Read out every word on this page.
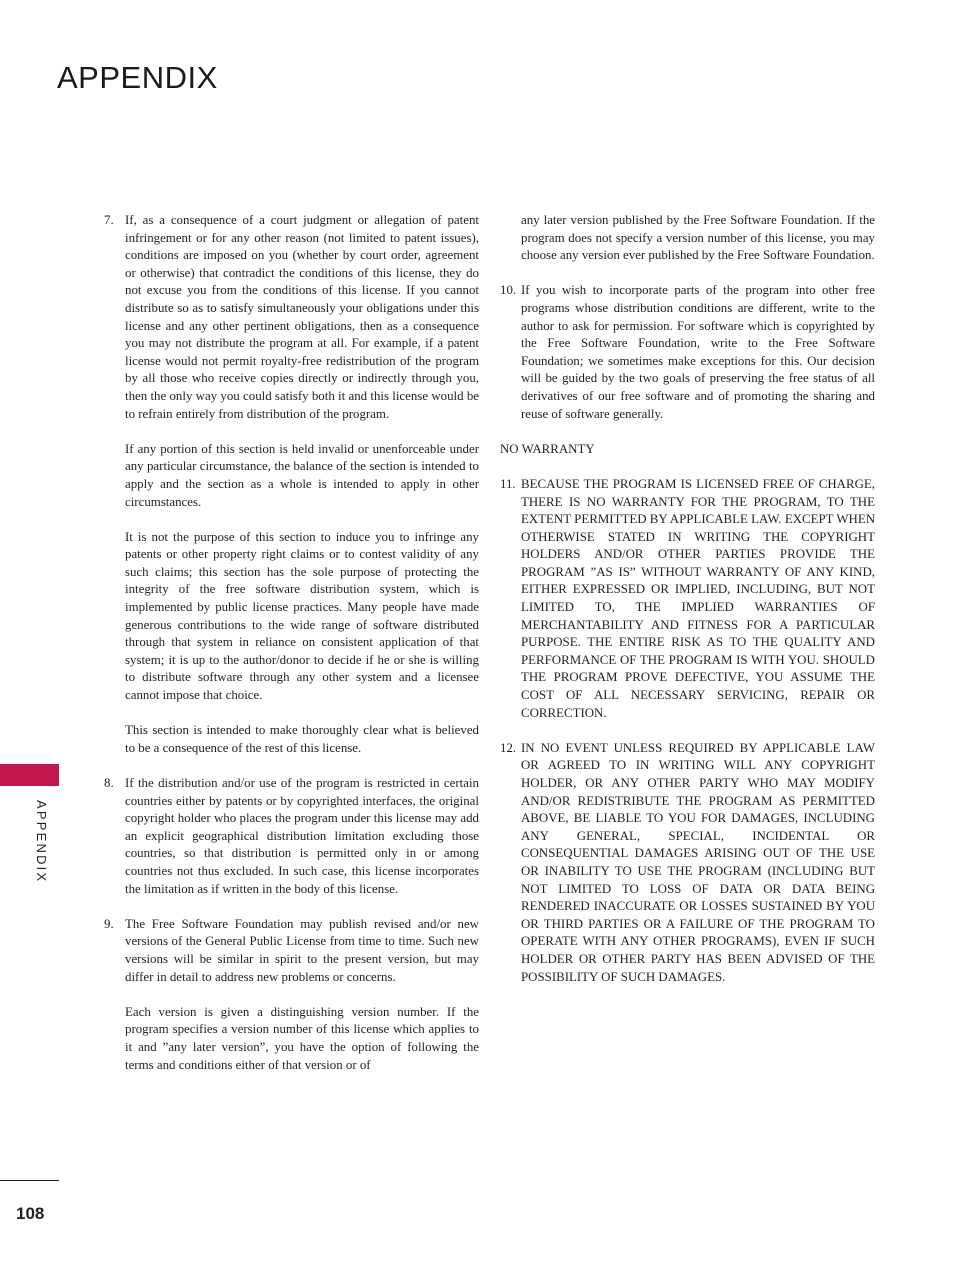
APPENDIX
APPENDIX
7. If, as a consequence of a court judgment or allegation of patent infringement or for any other reason (not limited to patent issues), conditions are imposed on you (whether by court order, agreement or otherwise) that contradict the conditions of this license, they do not excuse you from the conditions of this license. If you cannot distribute so as to satisfy simultaneously your obligations under this license and any other pertinent obligations, then as a consequence you may not distribute the program at all. For example, if a patent license would not permit royalty-free redistribution of the program by all those who receive copies directly or indirectly through you, then the only way you could satisfy both it and this license would be to refrain entirely from distribution of the program.

If any portion of this section is held invalid or unenforceable under any particular circumstance, the balance of the section is intended to apply and the section as a whole is intended to apply in other circumstances.

It is not the purpose of this section to induce you to infringe any patents or other property right claims or to contest validity of any such claims; this section has the sole purpose of protecting the integrity of the free software distribution system, which is implemented by public license practices. Many people have made generous contributions to the wide range of software distributed through that system in reliance on consistent application of that system; it is up to the author/donor to decide if he or she is willing to distribute software through any other system and a licensee cannot impose that choice.

This section is intended to make thoroughly clear what is believed to be a consequence of the rest of this license.

8. If the distribution and/or use of the program is restricted in certain countries either by patents or by copyrighted interfaces, the original copyright holder who places the program under this license may add an explicit geographical distribution limitation excluding those countries, so that distribution is permitted only in or among countries not thus excluded. In such case, this license incorporates the limitation as if written in the body of this license.

9. The Free Software Foundation may publish revised and/or new versions of the General Public License from time to time. Such new versions will be similar in spirit to the present version, but may differ in detail to address new problems or concerns.

Each version is given a distinguishing version number. If the program specifies a version number of this license which applies to it and ”any later version”, you have the option of following the terms and conditions either of that version or of

any later version published by the Free Software Foundation. If the program does not specify a version number of this license, you may choose any version ever published by the Free Software Foundation.

10. If you wish to incorporate parts of the program into other free programs whose distribution conditions are different, write to the author to ask for permission. For software which is copyrighted by the Free Software Foundation, write to the Free Software Foundation; we sometimes make exceptions for this. Our decision will be guided by the two goals of preserving the free status of all derivatives of our free software and of promoting the sharing and reuse of software generally.

NO WARRANTY

11. BECAUSE THE PROGRAM IS LICENSED FREE OF CHARGE, THERE IS NO WARRANTY FOR THE PROGRAM, TO THE EXTENT PERMITTED BY APPLICABLE LAW. EXCEPT WHEN OTHERWISE STATED IN WRITING THE COPYRIGHT HOLDERS AND/OR OTHER PARTIES PROVIDE THE PROGRAM ”AS IS” WITHOUT WARRANTY OF ANY KIND, EITHER EXPRESSED OR IMPLIED, INCLUDING, BUT NOT LIMITED TO, THE IMPLIED WARRANTIES OF MERCHANTABILITY AND FITNESS FOR A PARTICULAR PURPOSE. THE ENTIRE RISK AS TO THE QUALITY AND PERFORMANCE OF THE PROGRAM IS WITH YOU. SHOULD THE PROGRAM PROVE DEFECTIVE, YOU ASSUME THE COST OF ALL NECESSARY SERVICING, REPAIR OR CORRECTION.

12. IN NO EVENT UNLESS REQUIRED BY APPLICABLE LAW OR AGREED TO IN WRITING WILL ANY COPYRIGHT HOLDER, OR ANY OTHER PARTY WHO MAY MODIFY AND/OR REDISTRIBUTE THE PROGRAM AS PERMITTED ABOVE, BE LIABLE TO YOU FOR DAMAGES, INCLUDING ANY GENERAL, SPECIAL, INCIDENTAL OR CONSEQUENTIAL DAMAGES ARISING OUT OF THE USE OR INABILITY TO USE THE PROGRAM (INCLUDING BUT NOT LIMITED TO LOSS OF DATA OR DATA BEING RENDERED INACCURATE OR LOSSES SUSTAINED BY YOU OR THIRD PARTIES OR A FAILURE OF THE PROGRAM TO OPERATE WITH ANY OTHER PROGRAMS), EVEN IF SUCH HOLDER OR OTHER PARTY HAS BEEN ADVISED OF THE POSSIBILITY OF SUCH DAMAGES.

108
